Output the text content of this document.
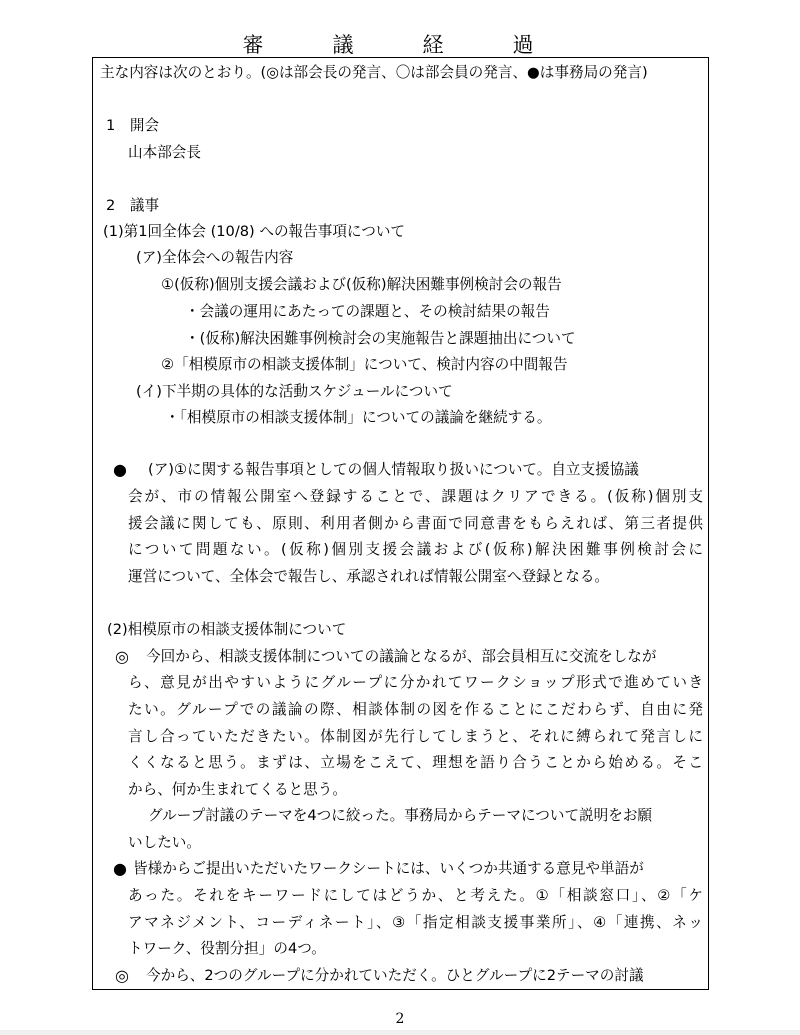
審　議　経　過
主な内容は次のとおり。(◎は部会長の発言、〇は部会員の発言、●は事務局の発言)
1　開会
山本部会長
2　議事
(1)第1回全体会 (10/8) への報告事項について
(ア)全体会への報告内容
①(仮称)個別支援会議および(仮称)解決困難事例検討会の報告
・会議の運用にあたっての課題と、その検討結果の報告
・(仮称)解決困難事例検討会の実施報告と課題抽出について
②「相模原市の相談支援体制」について、検討内容の中間報告
(イ)下半期の具体的な活動スケジュールについて
・「相模原市の相談支援体制」についての議論を継続する。
● (ア)①に関する報告事項としての個人情報取り扱いについて。自立支援協議
会が、市の情報公開室へ登録することで、課題はクリアできる。(仮称)個別支
援会議に関しても、原則、利用者側から書面で同意書をもらえれば、第三者提供
について問題ない。(仮称)個別支援会議および(仮称)解決困難事例検討会に
運営について、全体会で報告し、承認されれば情報公開室へ登録となる。
(2)相模原市の相談支援体制について
◎ 今回から、相談支援体制についての議論となるが、部会員相互に交流をしなが
ら、意見が出やすいようにグループに分かれてワークショップ形式で進めていき
たい。グループでの議論の際、相談体制の図を作ることにこだわらず、自由に発
言し合っていただきたい。体制図が先行してしまうと、それに縛られて発言しに
くくなると思う。まずは、立場をこえて、理想を語り合うことから始める。そこ
から、何か生まれてくると思う。
グループ討議のテーマを4つに絞った。事務局からテーマについて説明をお願
いしたい。
● 皆様からご提出いただいたワークシートには、いくつか共通する意見や単語が
あった。それをキーワードにしてはどうか、と考えた。①「相談窓口」、②「ケ
アマネジメント、コーディネート」、③「指定相談支援事業所」、④「連携、ネッ
トワーク、役割分担」の4つ。
◎ 今から、2つのグループに分かれていただく。ひとグループに2テーマの討議
2
